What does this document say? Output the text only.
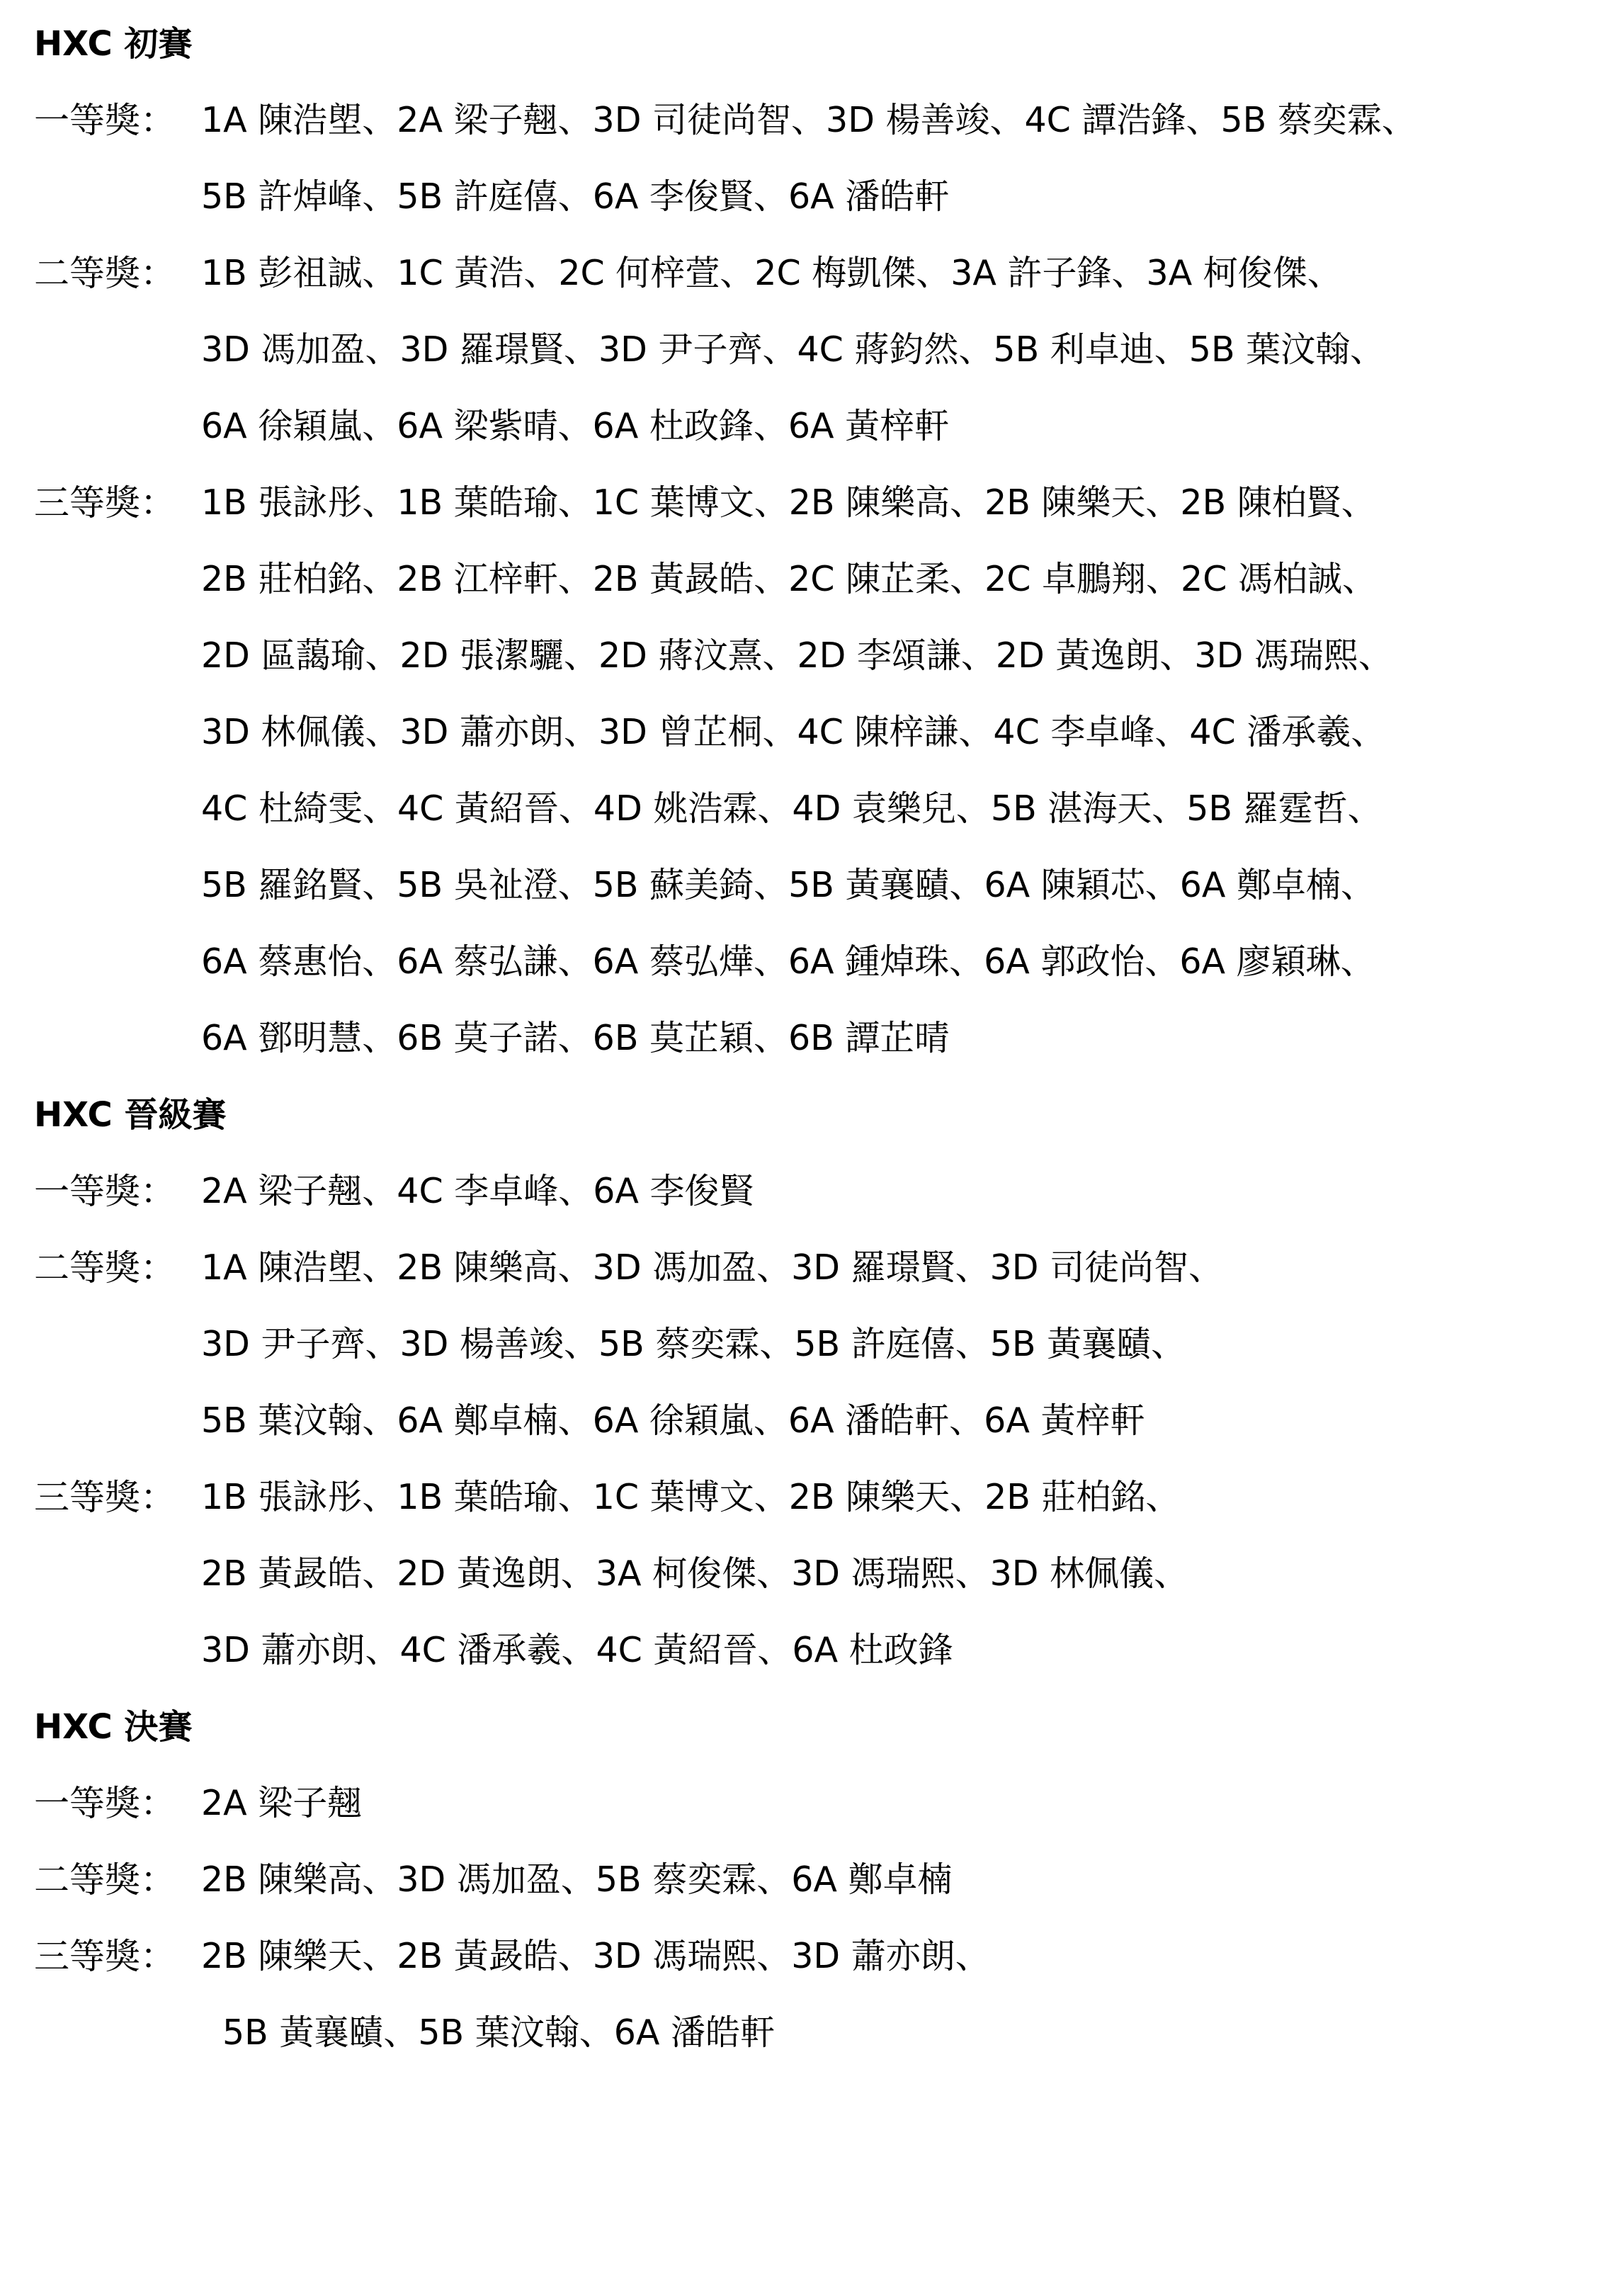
HXC 初賽
一等獎： 1A 陳浩塱、2A 梁子翹、3D 司徒尚智、3D 楊善竣、4C 譚浩鋒、5B 蔡奕霖、
5B 許焯峰、5B 許庭僖、6A 李俊賢、6A 潘皓軒
二等獎： 1B 彭祖誠、1C 黃浩、2C 何梓萱、2C 梅凱傑、3A 許子鋒、3A 柯俊傑、
3D 馮加盈、3D 羅璟賢、3D 尹子齊、4C 蔣鈞然、5B 利卓迪、5B 葉汶翰、
6A 徐穎嵐、6A 梁紫晴、6A 杜政鋒、6A 黃梓軒
三等獎： 1B 張詠彤、1B 葉皓瑜、1C 葉博文、2B 陳樂高、2B 陳樂天、2B 陳柏賢、
2B 莊柏銘、2B 江梓軒、2B 黃晸皓、2C 陳芷柔、2C 卓鵬翔、2C 馮柏誠、
2D 區藹瑜、2D 張潔驪、2D 蔣汶熹、2D 李頌謙、2D 黃逸朗、3D 馮瑞熙、
3D 林佩儀、3D 蕭亦朗、3D 曾芷桐、4C 陳梓謙、4C 李卓峰、4C 潘承羲、
4C 杜綺雯、4C 黃紹晉、4D 姚浩霖、4D 袁樂兒、5B 湛海天、5B 羅霆哲、
5B 羅銘賢、5B 吳祉澄、5B 蘇美錡、5B 黃襄賾、6A 陳穎芯、6A 鄭卓楠、
6A 蔡惠怡、6A 蔡弘謙、6A 蔡弘燁、6A 鍾焯珠、6A 郭政怡、6A 廖穎琳、
6A 鄧明慧、6B 莫子諾、6B 莫芷穎、6B 譚芷晴
HXC 晉級賽
一等獎： 2A 梁子翹、4C 李卓峰、6A 李俊賢
二等獎： 1A 陳浩塱、2B 陳樂高、3D 馮加盈、3D 羅璟賢、3D 司徒尚智、
3D 尹子齊、3D 楊善竣、5B 蔡奕霖、5B 許庭僖、5B 黃襄賾、
5B 葉汶翰、6A 鄭卓楠、6A 徐穎嵐、6A 潘皓軒、6A 黃梓軒
三等獎： 1B 張詠彤、1B 葉皓瑜、1C 葉博文、2B 陳樂天、2B 莊柏銘、
2B 黃晸皓、2D 黃逸朗、3A 柯俊傑、3D 馮瑞熙、3D 林佩儀、
3D 蕭亦朗、4C 潘承羲、4C 黃紹晉、6A 杜政鋒
HXC 決賽
一等獎： 2A 梁子翹
二等獎： 2B 陳樂高、3D 馮加盈、5B 蔡奕霖、6A 鄭卓楠
三等獎： 2B 陳樂天、2B 黃晸皓、3D 馮瑞熙、3D 蕭亦朗、
5B 黃襄賾、5B 葉汶翰、6A 潘皓軒
